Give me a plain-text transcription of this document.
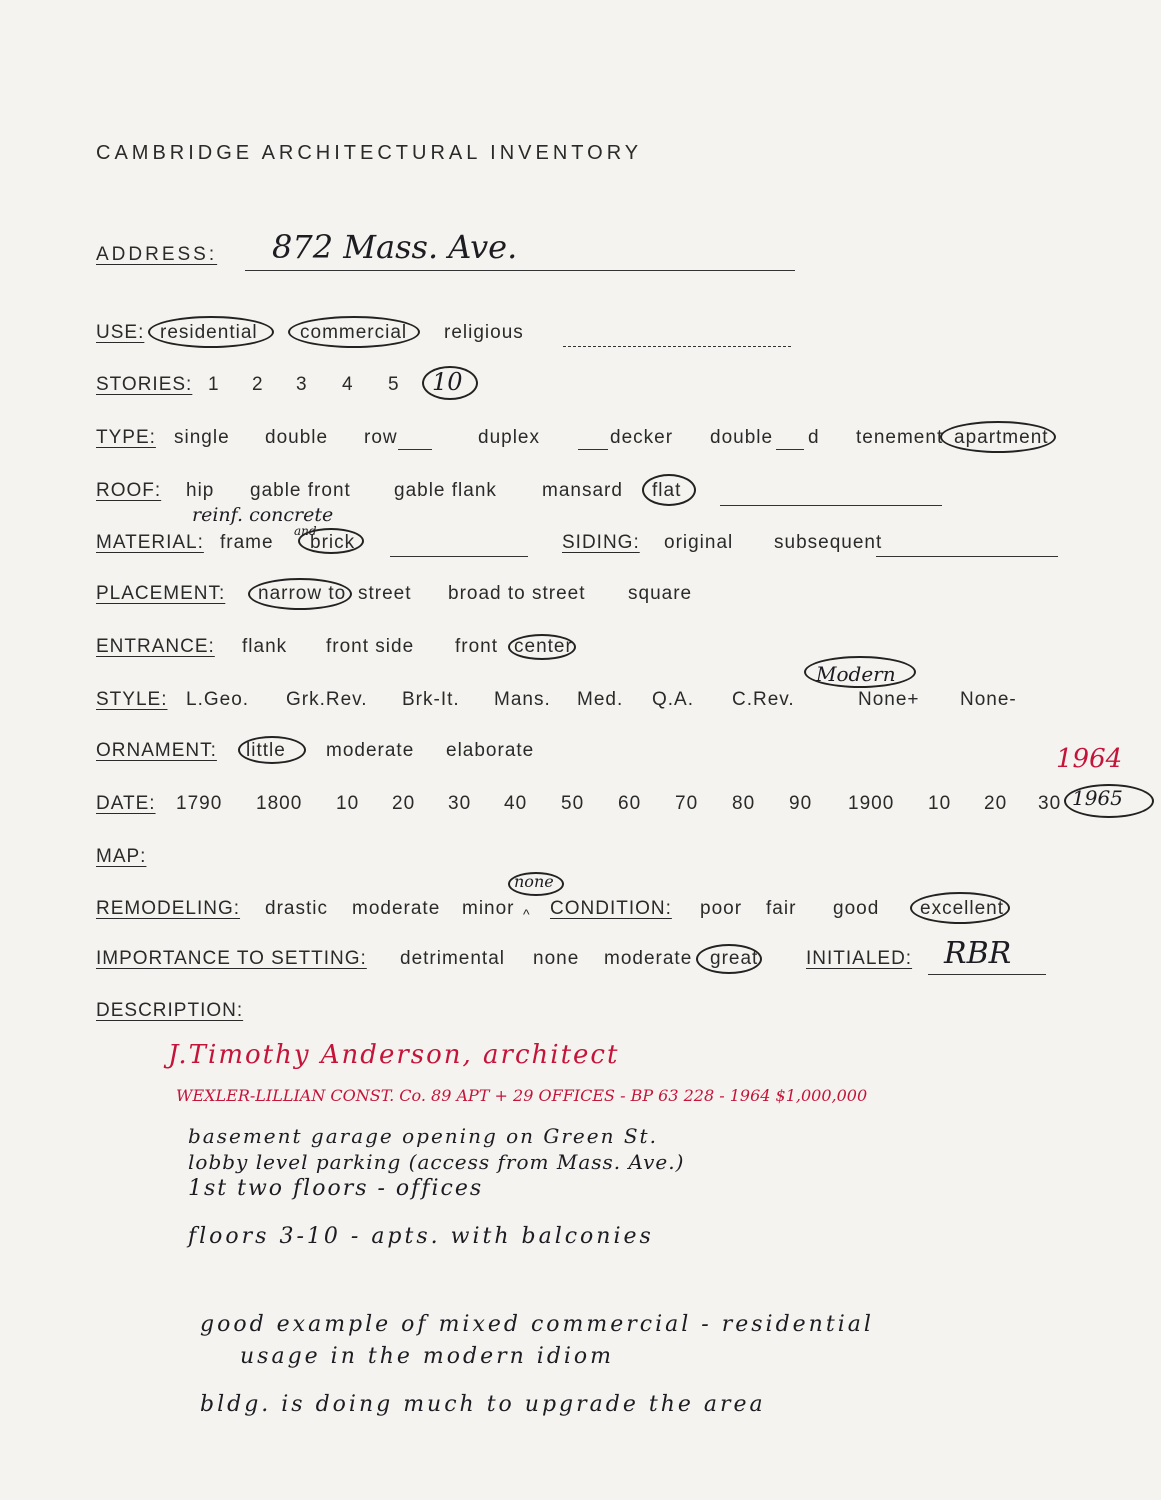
CAMBRIDGE ARCHITECTURAL INVENTORY
ADDRESS: 872 Mass. Ave.
USE: residential commercial religious
STORIES: 1 2 3 4 5 10
TYPE: single double row	duplex	decker double d tenement apartment
ROOF: hip gable front gable flank mansard flat
reinf. concrete
and
MATERIAL: frame brick	SIDING: original subsequent
PLACEMENT: narrow to street broad to street square
ENTRANCE: flank front side front center
Modern
STYLE: L.Geo. Grk.Rev. Brk-It. Mans. Med. Q.A. C.Rev.	None+ None-
ORNAMENT: little moderate elaborate	1964
DATE: 1790 1800 10 20 30 40 50 60 70 80 90 1900 10 20 30 1965
MAP:
none
REMODELING: drastic moderate minor ^ CONDITION: poor fair good excellent
IMPORTANCE TO SETTING: detrimental none moderate great	INITIALED: RBR
DESCRIPTION:
J.Timothy Anderson, architect
WEXLER-LILLIAN CONST. Co. 89 APT + 29 OFFICES - BP 63 228 - 1964 $1,000,000
basement garage opening on Green St.
lobby level parking (access from Mass. Ave.)
1st two floors - offices
floors 3-10 - apts. with balconies
good example of mixed commercial - residential
usage in the modern idiom
bldg. is doing much to upgrade the area
